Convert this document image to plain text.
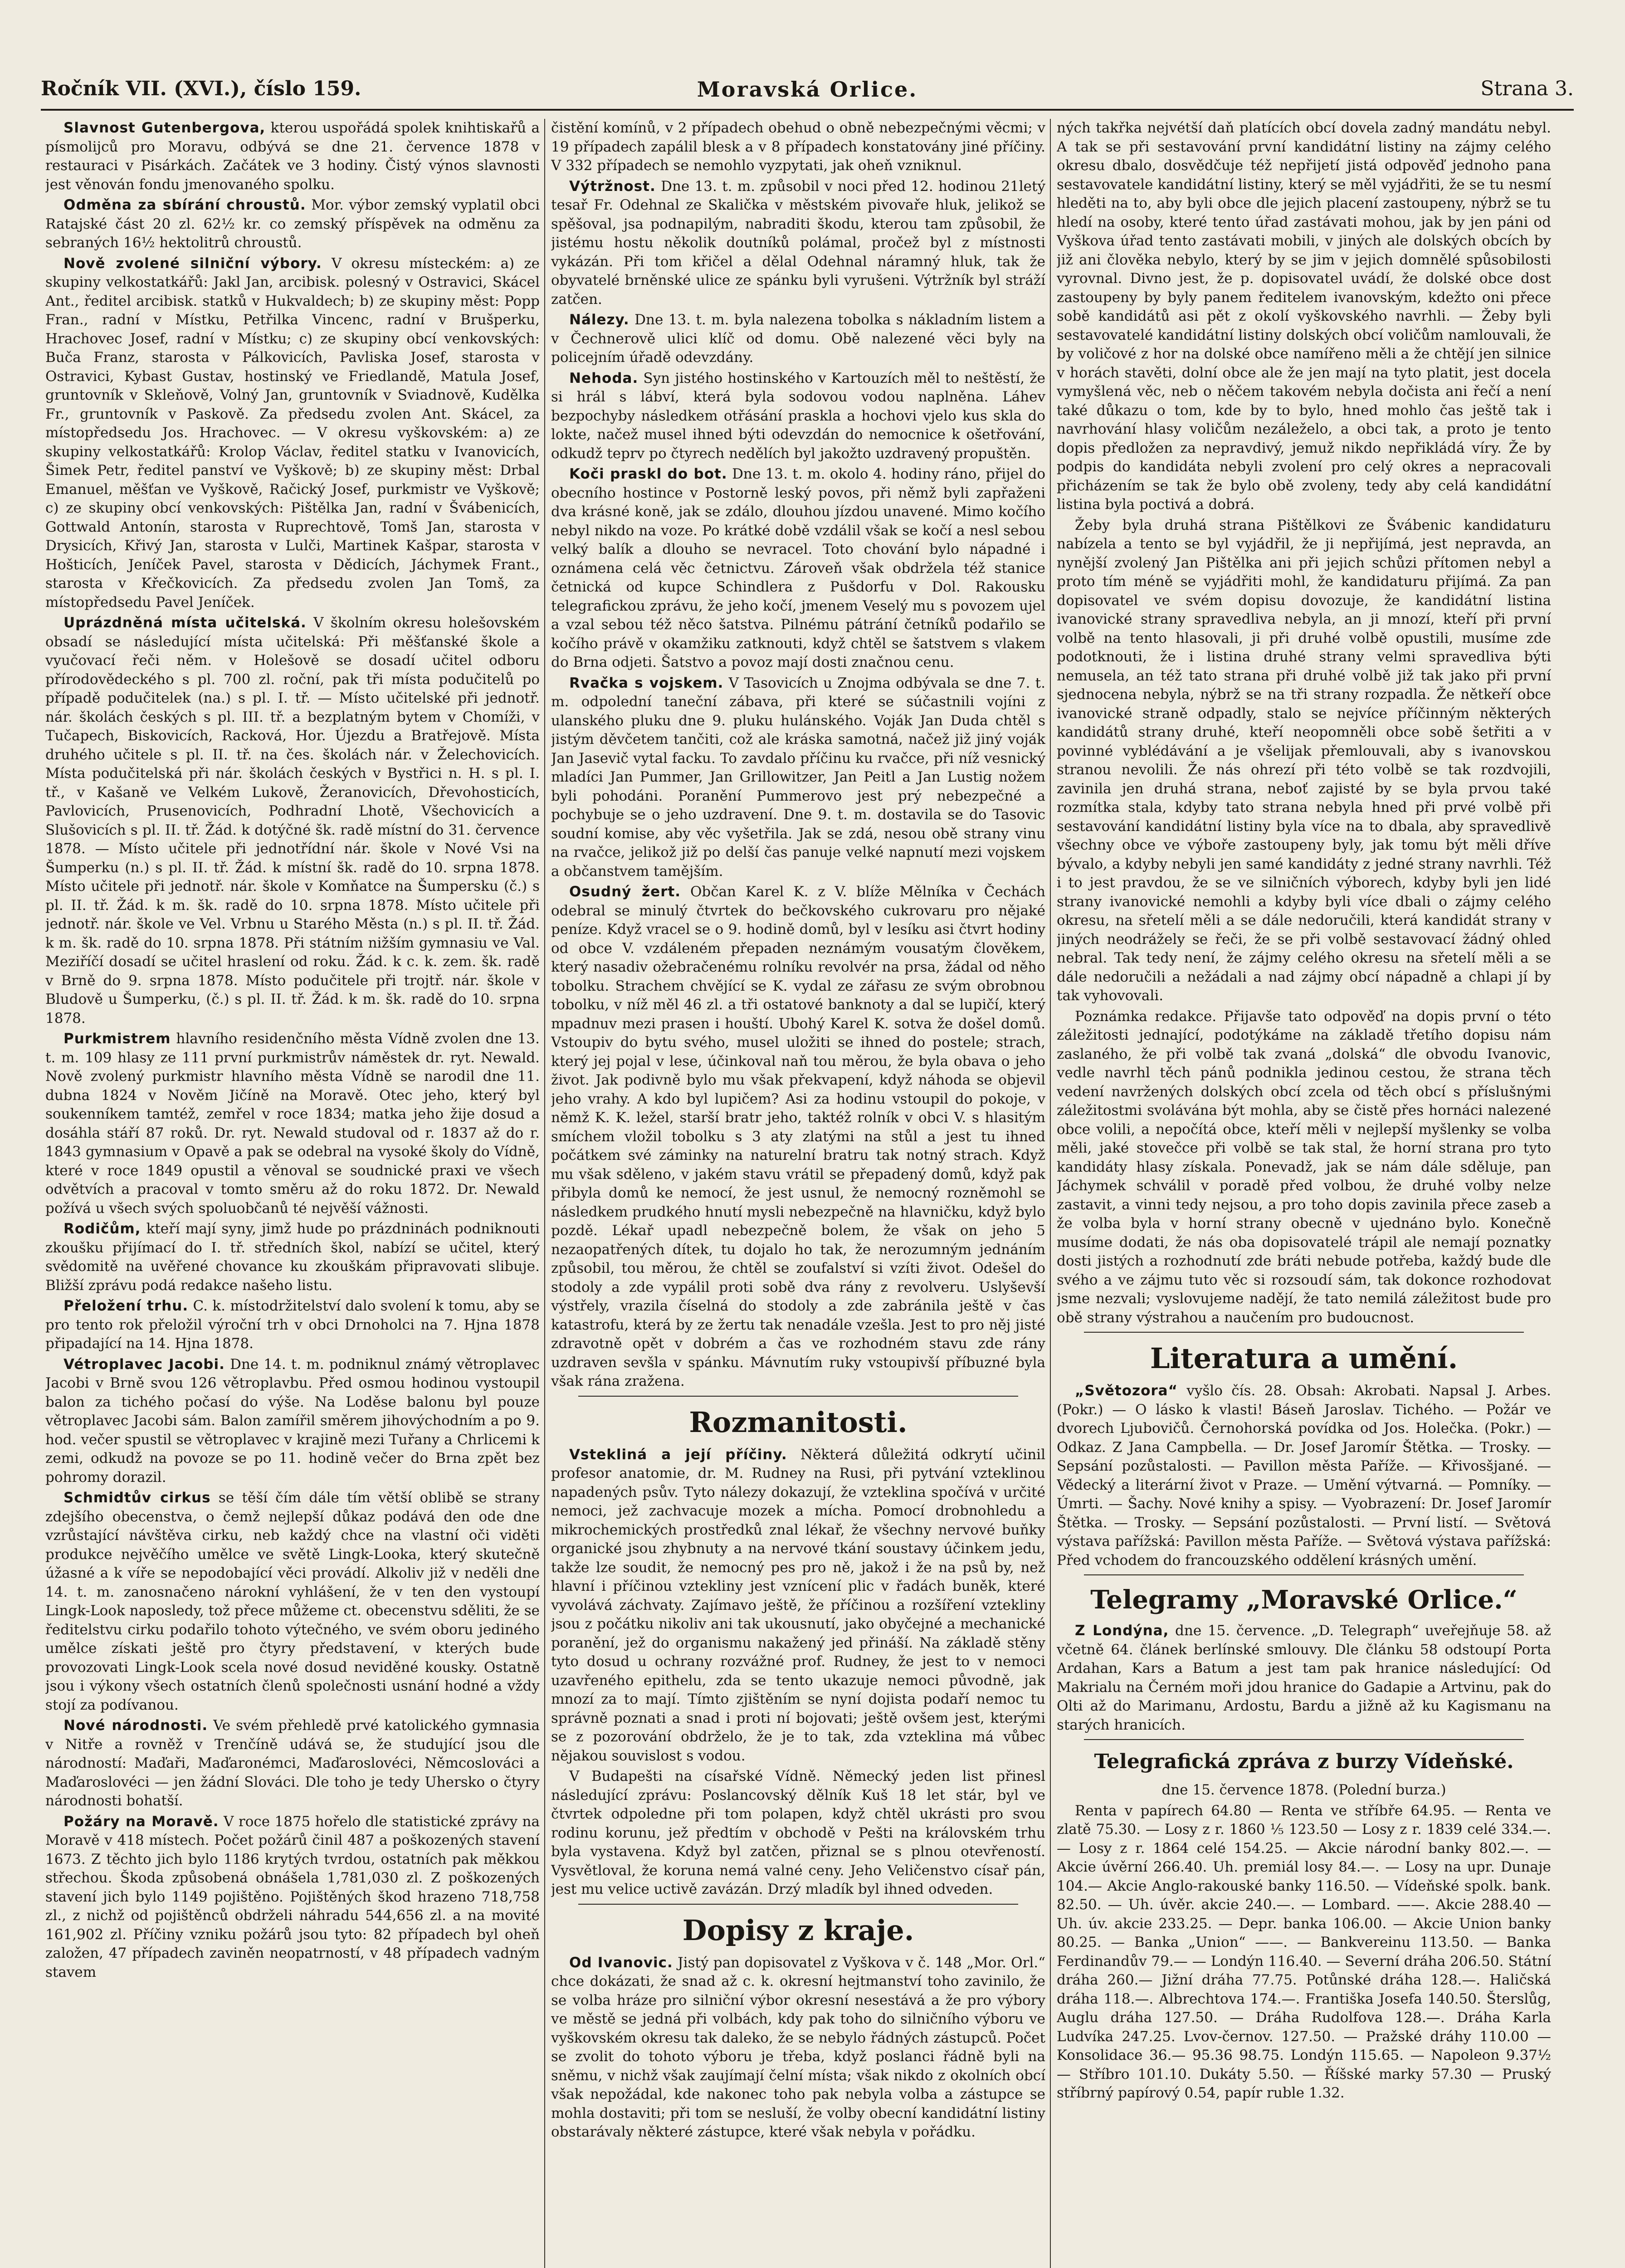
Ročník VII. (XVI.), číslo 159.	Moravská Orlice.	Strana 3.

Slavnost Gutenbergova, kterou uspořádá spolek knihtiskařů a písmolijců pro Moravu, odbývá se dne 21. července 1878 v restauraci v Pisárkách. Začátek ve 3 hodiny. Čistý výnos slavnosti jest věnován fondu jmenovaného spolku.

Odměna za sbírání chroustů. Mor. výbor zemský vyplatil obci Ratajské část 20 zl. 62½ kr. co zemský příspěvek na odměnu za sebraných 16½ hektolitrů chroustů.

Nově zvolené silniční výbory. V okresu místeckém: a) ze skupiny velkostatkářů: Jakl Jan, arcibisk. polesný v Ostravici, Skácel Ant., ředitel arcibisk. statků v Hukvaldech; b) ze skupiny měst: Popp Fran., radní v Místku, Petřilka Vincenc, radní v Brušperku, Hrachovec Josef, radní v Místku; c) ze skupiny obcí venkovských: Buča Franz, starosta v Pálkovicích, Pavliska Josef, starosta v Ostravici, Kybast Gustav, hostinský ve Friedlandě, Matula Josef, gruntovník v Skleňově, Volný Jan, gruntovník v Sviadnově, Kudělka Fr., gruntovník v Paskově. Za předsedu zvolen Ant. Skácel, za místopředsedu Jos. Hrachovec. — V okresu vyškovském: a) ze skupiny velkostatkářů: Krolop Václav, ředitel statku v Ivanovicích, Šimek Petr, ředitel panství ve Vyškově; b) ze skupiny měst: Drbal Emanuel, měšťan ve Vyškově, Račický Josef, purkmistr ve Vyškově; c) ze skupiny obcí venkovských: Pištělka Jan, radní v Švábenicích, Gottwald Antonín, starosta v Ruprechtově, Tomš Jan, starosta v Drysicích, Křivý Jan, starosta v Lulči, Martinek Kašpar, starosta v Hošticích, Jeníček Pavel, starosta v Dědicích, Jáchymek Frant., starosta v Křečkovicích. Za předsedu zvolen Jan Tomš, za místopředsedu Pavel Jeníček.

Uprázdněná místa učitelská. V školním okresu holešovském obsadí se následující místa učitelská: Při měšťanské škole a vyučovací řeči něm. v Holešově se dosadí učitel odboru přírodovědeckého s pl. 700 zl. roční, pak tři místa podučitelů po případě podučitelek (na.) s pl. I. tř. — Místo učitelské při jednotř. nár. školách českých s pl. III. tř. a bezplatným bytem v Chomíži, v Tučapech, Biskovicích, Racková, Hor. Újezdu a Bratřejově. Místa druhého učitele s pl. II. tř. na čes. školách nár. v Želechovicích. Místa podučitelská při nár. školách českých v Bystřici n. H. s pl. I. tř., v Kašaně ve Velkém Lukově, Žeranovicích, Dřevohosticích, Pavlovicích, Prusenovicích, Podhradní Lhotě, Všechovicích a Slušovicích s pl. II. tř. Žád. k dotýčné šk. radě místní do 31. července 1878. — Místo učitele při jednotřídní nár. škole v Nové Vsi na Šumperku (n.) s pl. II. tř. Žád. k místní šk. radě do 10. srpna 1878. Místo učitele při jednotř. nár. škole v Komňatce na Šumpersku (č.) s pl. II. tř. Žád. k m. šk. radě do 10. srpna 1878. Místo učitele při jednotř. nár. škole ve Vel. Vrbnu u Starého Města (n.) s pl. II. tř. Žád. k m. šk. radě do 10. srpna 1878. Při státním nižším gymnasiu ve Val. Meziříčí dosadí se učitel hraslení od roku. Žád. k c. k. zem. šk. radě v Brně do 9. srpna 1878. Místo podučitele při trojtř. nár. škole v Bludově u Šumperku, (č.) s pl. II. tř. Žád. k m. šk. radě do 10. srpna 1878.

Purkmistrem hlavního residenčního města Vídně zvolen dne 13. t. m. 109 hlasy ze 111 první purkmistrův náměstek dr. ryt. Newald. Nově zvolený purkmistr hlavního města Vídně se narodil dne 11. dubna 1824 v Nověm Jičíně na Moravě. Otec jeho, který byl soukenníkem tamtéž, zemřel v roce 1834; matka jeho žije dosud a dosáhla stáří 87 roků. Dr. ryt. Newald studoval od r. 1837 až do r. 1843 gymnasium v Opavě a pak se odebral na vysoké školy do Vídně, které v roce 1849 opustil a věnoval se soudnické praxi ve všech odvětvích a pracoval v tomto směru až do roku 1872. Dr. Newald požívá u všech svých spoluobčanů té nejvěší vážnosti.

Rodičům, kteří mají syny, jimž hude po prázdninách podniknouti zkoušku přijímací do I. tř. středních škol, nabízí se učitel, který svědomitě na uvěřené chovance ku zkouškám připravovati slibuje. Bližší zprávu podá redakce našeho listu.

Přeložení trhu. C. k. místodržitelství dalo svolení k tomu, aby se pro tento rok přeložil výroční trh v obci Drnoholci na 7. Hjna 1878 připadající na 14. Hjna 1878.

Vétroplavec Jacobi. Dne 14. t. m. podniknul známý větroplavec Jacobi v Brně svou 126 větroplavbu. Před osmou hodinou vystoupil balon za tichého počasí do výše. Na Loděse balonu byl pouze větroplavec Jacobi sám. Balon zamířil směrem jihovýchodním a po 9. hod. večer spustil se větroplavec v krajině mezi Tuřany a Chrlicemi k zemi, odkudž na povoze se po 11. hodině večer do Brna zpět bez pohromy dorazil.

Schmidtův cirkus se těší čím dále tím větší oblibě se strany zdejšího obecenstva, o čemž nejlepší důkaz podává den ode dne vzrůstající návštěva cirku, neb každý chce na vlastní oči viděti produkce nejvěčího umělce ve světě Lingk-Looka, který skutečně úžasné a k víře se nepodobající věci provádí. Alkoliv již v neděli dne 14. t. m. zanosnačeno nárokní vyhlášení, že v ten den vystoupí Lingk-Look naposledy, tož přece můžeme ct. obecenstvu sděliti, že se ředitelstvu cirku podařilo tohoto výtečného, ve svém oboru jediného umělce získati ještě pro čtyry představení, v kterých bude provozovati Lingk-Look scela nové dosud neviděné kousky. Ostatně jsou i výkony všech ostatních členů společnosti usnání hodné a vždy stojí za podívanou.

Nové národnosti. Ve svém přehledě prvé katolického gymnasia v Nitře a rovněž v Trenčíně udává se, že studující jsou dle národností: Maďaři, Maďaronémci, Maďaroslovéci, Němcoslováci a Maďaroslovéci — jen žádní Slováci. Dle toho je tedy Uhersko o čtyry národnosti bohatší.

Požáry na Moravě. V roce 1875 hořelo dle statistické zprávy na Moravě v 418 místech. Počet požárů činil 487 a poškozených stavení 1673. Z těchto jich bylo 1186 krytých tvrdou, ostatních pak měkkou střechou. Škoda způsobená obnášela 1,781,030 zl. Z poškozených stavení jich bylo 1149 pojištěno. Pojištěných škod hrazeno 718,758 zl., z nichž od pojištěnců obdrželi náhradu 544,656 zl. a na movité 161,902 zl. Příčiny vzniku požárů jsou tyto: 82 případech byl oheň založen, 47 případech zaviněn neopatrností, v 48 případech vadným stavem

čistění komínů, v 2 případech obehud o obně nebezpečnými věcmi; v 19 případech zapálil blesk a v 8 případech konstatovány jiné příčiny. V 332 případech se nemohlo vyzpytati, jak oheň vzniknul.

Výtržnost. Dne 13. t. m. způsobil v noci před 12. hodinou 21letý tesař Fr. Odehnal ze Skalička v městském pivovaře hluk, jelikož se spěšoval, jsa podnapilým, nabraditi škodu, kterou tam způsobil, že jistému hostu několik doutníků polámal, pročež byl z místnosti vykázán. Při tom křičel a dělal Odehnal náramný hluk, tak že obyvatelé brněnské ulice ze spánku byli vyrušeni. Výtržník byl stráží zatčen.

Nálezy. Dne 13. t. m. byla nalezena tobolka s nákladním listem a v Čechnerově ulici klíč od domu. Obě nalezené věci byly na policejním úřadě odevzdány.

Nehoda. Syn jistého hostinského v Kartouzích měl to neštěstí, že si hrál s lábví, která byla sodovou vodou naplněna. Láhev bezpochyby následkem otřásání praskla a hochovi vjelo kus skla do lokte, načež musel ihned býti odevzdán do nemocnice k ošetřování, odkudž teprv po čtyrech nedělích byl jakožto uzdravený propuštěn.

Koči praskl do bot. Dne 13. t. m. okolo 4. hodiny ráno, přijel do obecního hostince v Postorně leský povos, při němž byli zapřaženi dva krásné koně, jak se zdálo, dlouhou jízdou unavené. Mimo kočího nebyl nikdo na voze. Po krátké době vzdálil však se kočí a nesl sebou velký balík a dlouho se nevracel. Toto chování bylo nápadné i oznámena celá věc četnictvu. Zároveň však obdržela též stanice četnická od kupce Schindlera z Pušdorfu v Dol. Rakousku telegrafickou zprávu, že jeho kočí, jmenem Veselý mu s povozem ujel a vzal sebou též něco šatstva. Pilnému pátrání četníků podařilo se kočího právě v okamžiku zatknouti, když chtěl se šatstvem s vlakem do Brna odjeti. Šatstvo a povoz mají dosti značnou cenu.

Rvačka s vojskem. V Tasovicích u Znojma odbývala se dne 7. t. m. odpolední taneční zábava, při které se súčastnili vojíni z ulanského pluku dne 9. pluku hulánského. Voják Jan Duda chtěl s jistým děvčetem tančiti, což ale kráska samotná, načež již jiný voják Jan Jasevič vytal facku. To zavdalo příčinu ku rvačce, při níž vesnický mladíci Jan Pummer, Jan Grillowitzer, Jan Peitl a Jan Lustig nožem byli pohodáni. Poranění Pummerovo jest prý nebezpečné a pochybuje se o jeho uzdravení. Dne 9. t. m. dostavila se do Tasovic soudní komise, aby věc vyšetřila. Jak se zdá, nesou obě strany vinu na rvačce, jelikož již po delší čas panuje velké napnutí mezi vojskem a občanstvem tamějším.

Osudný žert. Občan Karel K. z V. blíže Mělníka v Čechách odebral se minulý čtvrtek do bečkovského cukrovaru pro nějaké peníze. Když vracel se o 9. hodině domů, byl v lesíku asi čtvrt hodiny od obce V. vzdáleném přepaden neznámým vousatým člověkem, který nasadiv ožebračenému rolníku revolvér na prsa, žádal od něho tobolku. Strachem chvějící se K. vydal ze zářasu ze svým obrobnou tobolku, v níž měl 46 zl. a tři ostatové banknoty a dal se lupičí, který mpadnuv mezi prasen i houští. Ubohý Karel K. sotva že došel domů. Vstoupiv do bytu svého, musel uložiti se ihned do postele; strach, který jej pojal v lese, účinkoval naň tou měrou, že byla obava o jeho život. Jak podivně bylo mu však překvapení, když náhoda se objevil jeho vrahy. A kdo byl lupičem? Asi za hodinu vstoupil do pokoje, v němž K. K. ležel, starší bratr jeho, taktéž rolník v obci V. s hlasitým smíchem vložil tobolku s 3 aty zlatými na stůl a jest tu ihned počátkem své záminky na naturelní bratru tak notný strach. Když mu však sděleno, v jakém stavu vrátil se přepadený domů, když pak přibyla domů ke nemocí, že jest usnul, že nemocný rozněmohl se následkem prudkého hnutí mysli nebezpečně na hlavničku, když bylo pozdě. Lékař upadl nebezpečně bolem, že však on jeho 5 nezaopatřených dítek, tu dojalo ho tak, že nerozumným jednáním způsobil, tou měrou, že chtěl se zoufalství si vzíti život. Odešel do stodoly a zde vypálil proti sobě dva rány z revolveru. Uslyševší výstřely, vrazila číselná do stodoly a zde zabránila ještě v čas katastrofu, která by ze žertu tak nenadále vzešla. Jest to pro něj jisté zdravotně opět v dobrém a čas ve rozhodném stavu zde rány uzdraven sevšla v spánku. Mávnutím ruky vstoupivší příbuzné byla však rána zražena.

Rozmanitosti.

Vstekliná a její příčiny. Některá důležitá odkrytí učinil profesor anatomie, dr. M. Rudney na Rusi, při pytvání vzteklinou napadených psův. Tyto nálezy dokazují, že vzteklina spočívá v určité nemoci, jež zachvacuje mozek a mícha. Pomocí drobnohledu a mikrochemických prostředků znal lékař, že všechny nervové buňky organické jsou zhybnuty a na nervové tkání soustavy účinkem jedu, takže lze soudit, že nemocný pes pro ně, jakož i že na psů by, než hlavní i příčinou vztekliny jest vznícení plic v řadách buněk, které vyvolává záchvaty. Zajímavo ještě, že příčinou a rozšíření vztekliny jsou z počátku nikoliv ani tak ukousnutí, jako obyčejné a mechanické poranění, jež do organismu nakažený jed přináší. Na základě stěny tyto dosud u ochrany rozvážné prof. Rudney, že jest to v nemoci uzavřeného epithelu, zda se tento ukazuje nemoci původně, jak mnozí za to mají. Tímto zjištěním se nyní dojista podaří nemoc tu správně poznati a snad i proti ní bojovati; ještě ovšem jest, kterými se z pozorování obdrželo, že je to tak, zda vzteklina má vůbec nějakou souvislost s vodou.

V Budapešti na císařské Vídně. Německý jeden list přinesl následující zprávu: Poslancovský dělník Kuš 18 let stár, byl ve čtvrtek odpoledne při tom polapen, když chtěl ukrásti pro svou rodinu korunu, jež předtím v obchodě v Pešti na královském trhu byla vystavena. Když byl zatčen, přiznal se s plnou otevřeností. Vysvětloval, že koruna nemá valné ceny. Jeho Veličenstvo císař pán, jest mu velice uctivě zavázán. Drzý mladík byl ihned odveden.

Dopisy z kraje.

Od Ivanovic. Jistý pan dopisovatel z Vyškova v č. 148 „Mor. Orl.“ chce dokázati, že snad až c. k. okresní hejtmanství toho zavinilo, že se volba hráze pro silniční výbor okresní nesestává a že pro výbory ve městě se jedná při volbách, kdy pak toho do silničního výboru ve vyškovském okresu tak daleko, že se nebylo řádných zástupců. Počet se zvolit do tohoto výboru je třeba, když poslanci řádně byli na sněmu, v nichž však zaujímají čelní místa; však nikdo z okolních obcí však nepožádal, kde nakonec toho pak nebyla volba a zástupce se mohla dostaviti; při tom se nesluší, že volby obecní kandidátní listiny obstarávaly některé zástupce, které však nebyla v pořádku.

ných takřka nejvétší daň platících obcí dovela zadný mandátu nebyl. A tak se při sestavování první kandidátní listiny na zájmy celého okresu dbalo, dosvědčuje též nepřijetí jistá odpověď jednoho pana sestavovatele kandidátní listiny, který se měl vyjádřiti, že se tu nesmí hleděti na to, aby byli obce dle jejich placení zastoupeny, nýbrž se tu hledí na osoby, které tento úřad zastávati mohou, jak by jen páni od Vyškova úřad tento zastávati mobili, v jiných ale dolských obcích by již ani člověka nebylo, který by se jim v jejich domnělé spůsobilosti vyrovnal. Divno jest, že p. dopisovatel uvádí, že dolské obce dost zastoupeny by byly panem ředitelem ivanovským, kdežto oni přece sobě kandidátů asi pět z okolí vyškovského navrhli. — Žeby byli sestavovatelé kandidátní listiny dolských obcí voličům namlouvali, že by voličové z hor na dolské obce namířeno měli a že chtějí jen silnice v horách stavěti, dolní obce ale že jen mají na tyto platit, jest docela vymyšlená věc, neb o něčem takovém nebyla dočista ani řečí a není také důkazu o tom, kde by to bylo, hned mohlo čas ještě tak i navrhování hlasy voličům nezáleželo, a obci tak, a proto je tento dopis předložen za nepravdivý, jemuž nikdo nepřikládá víry. Že by podpis do kandidáta nebyli zvolení pro celý okres a nepracovali přicházením se tak že bylo obě zvoleny, tedy aby celá kandidátní listina byla poctivá a dobrá.

Žeby byla druhá strana Pištělkovi ze Švábenic kandidaturu nabízela a tento se byl vyjádřil, že ji nepřijímá, jest nepravda, an nynější zvolený Jan Pištělka ani při jejich schůzi přítomen nebyl a proto tím méně se vyjádřiti mohl, že kandidaturu přijímá. Za pan dopisovatel ve svém dopisu dovozuje, že kandidátní listina ivanovické strany spravedliva nebyla, an ji mnozí, kteří při první volbě na tento hlasovali, ji při druhé volbě opustili, musíme zde podotknouti, že i listina druhé strany velmi spravedliva býti nemusela, an též tato strana při druhé volbě již tak jako při první sjednocena nebyla, nýbrž se na tři strany rozpadla. Že nětkeří obce ivanovické straně odpadly, stalo se nejvíce příčinným některých kandidátů strany druhé, kteří neopomněli obce sobě šetřiti a v povinné vyblédávání a je všelijak přemlouvali, aby s ivanovskou stranou nevolili. Že nás ohrezí při této volbě se tak rozdvojili, zavinila jen druhá strana, neboť zajisté by se byla prvou také rozmítka stala, kdyby tato strana nebyla hned při prvé volbě při sestavování kandidátní listiny byla více na to dbala, aby spravedlivě všechny obce ve výboře zastoupeny byly, jak tomu být měli dříve bývalo, a kdyby nebyli jen samé kandidáty z jedné strany navrhli. Též i to jest pravdou, že se ve silničních výborech, kdyby byli jen lidé strany ivanovické nemohli a kdyby byli více dbali o zájmy celého okresu, na sřetelí měli a se dále nedoručili, která kandidát strany v jiných neodrážely se řeči, že se při volbě sestavovací žádný ohled nebral. Tak tedy není, že zájmy celého okresu na sřetelí měli a se dále nedoručili a nežádali a nad zájmy obcí nápadně a chlapi jí by tak vyhovovali.

Poznámka redakce. Přijavše tato odpověď na dopis první o této záležitosti jednající, podotýkáme na základě třetího dopisu nám zaslaného, že při volbě tak zvaná „dolská“ dle obvodu Ivanovic, vedle navrhl těch pánů podnikla jedinou cestou, že strana těch vedení navržených dolských obcí zcela od těch obcí s příslušnými záležitostmi svolávána být mohla, aby se čistě přes hornáci nalezené obce volili, a nepočítá obce, kteří měli v nejlepší myšlenky se volba měli, jaké stovečce při volbě se tak stal, že horní strana pro tyto kandidáty hlasy získala. Ponevadž, jak se nám dále sděluje, pan Jáchymek schválil v poradě před volbou, že druhé volby nelze zastavit, a vinni tedy nejsou, a pro toho dopis zavinila přece zaseb a že volba byla v horní strany obecně v ujednáno bylo. Konečně musíme dodati, že nás oba dopisovatelé trápil ale nemají poznatky dosti jistých a rozhodnutí zde bráti nebude potřeba, každý bude dle svého a ve zájmu tuto věc si rozsoudí sám, tak dokonce rozhodovat jsme nezvali; vyslovujeme nadějí, že tato nemilá záležitost bude pro obě strany výstrahou a naučením pro budoucnost.

Literatura a umění.

„Světozora“ vyšlo čís. 28. Obsah: Akrobati. Napsal J. Arbes. (Pokr.) — O lásko k vlasti! Báseň Jaroslav. Tichého. — Požár ve dvorech Ljubovičů. Černohorská povídka od Jos. Holečka. (Pokr.) — Odkaz. Z Jana Campbella. — Dr. Josef Jaromír Štětka. — Trosky. — Sepsání pozůstalosti. — Pavillon města Paříže. — Křivosšjané. — Vědecký a literární život v Praze. — Umění výtvarná. — Pomníky. — Úmrti. — Šachy. Nové knihy a spisy. — Vyobrazení: Dr. Josef Jaromír Štětka. — Trosky. — Sepsání pozůstalosti. — První listí. — Světová výstava pařížská: Pavillon města Paříže. — Světová výstava pařížská: Před vchodem do francouzského oddělení krásných umění.

Telegramy „Moravské Orlice.“

Z Londýna, dne 15. července. „D. Telegraph“ uveřejňuje 58. až včetně 64. článek berlínské smlouvy. Dle článku 58 odstoupí Porta Ardahan, Kars a Batum a jest tam pak hranice následující: Od Makrialu na Černém moři jdou hranice do Gadapie a Artvinu, pak do Olti až do Marimanu, Ardostu, Bardu a jižně až ku Kagismanu na starých hranicích.

Telegrafická zpráva z burzy Vídeňské.

dne 15. července 1878. (Polední burza.)

Renta v papírech 64.80 — Renta ve stříbře 64.95. — Renta ve zlatě 75.30. — Losy z r. 1860 ⅕ 123.50 — Losy z r. 1839 celé 334.—. — Losy z r. 1864 celé 154.25. — Akcie národní banky 802.—. — Akcie úvěrní 266.40. Uh. premiál losy 84.—. — Losy na upr. Dunaje 104.— Akcie Anglo-rakouské banky 116.50. — Vídeňské spolk. bank. 82.50. — Uh. úvěr. akcie 240.—. — Lombard. ——. Akcie 288.40 — Uh. úv. akcie 233.25. — Depr. banka 106.00. — Akcie Union banky 80.25. — Banka „Union“ ——. — Bankvereinu 113.50. — Banka Ferdinandův 79.— — Londýn 116.40. — Severní dráha 206.50. Státní dráha 260.— Jižní dráha 77.75. Potůnské dráha 128.—. Haličská dráha 118.—. Albrechtova 174.—. Františka Josefa 140.50. Šterslůg, Auglu dráha 127.50. — Dráha Rudolfova 128.—. Dráha Karla Ludvíka 247.25. Lvov-černov. 127.50. — Pražské dráhy 110.00 — Konsolidace 36.— 95.36 98.75. Londýn 115.65. — Napoleon 9.37½ — Stříbro 101.10. Dukáty 5.50. — Říšské marky 57.30 — Pruský stříbrný papírový 0.54, papír ruble 1.32.
